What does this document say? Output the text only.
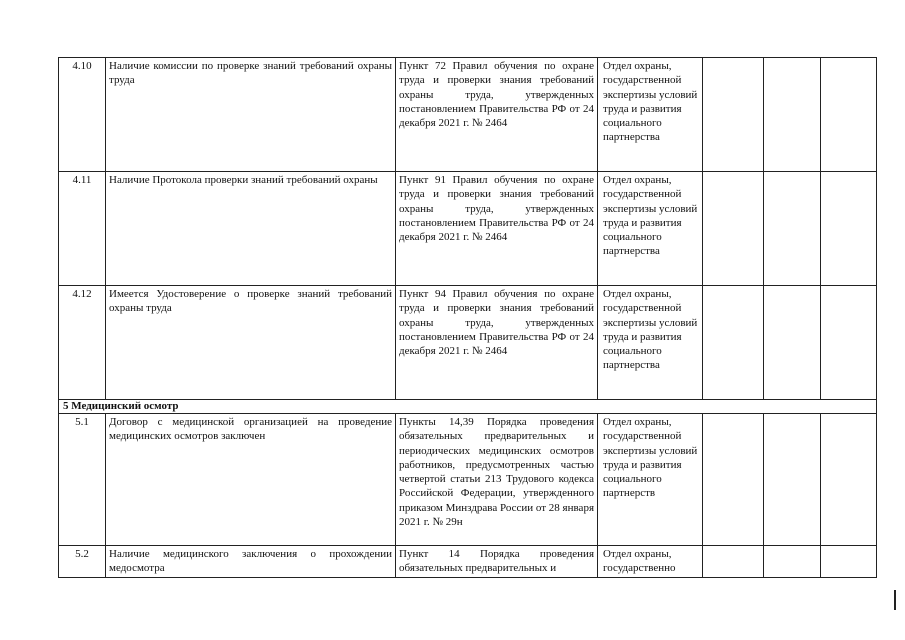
4.10	Наличие комиссии по проверке знаний требований охраны труда	Пункт 72 Правил обучения по охране труда и проверки знания требований охраны труда, утвержденных постановлением Правительства РФ от 24 декабря 2021 г. № 2464	Отдел охраны, государственной экспертизы условий труда и развития социального партнерства			
4.11	Наличие Протокола проверки знаний требований охраны	Пункт 91 Правил обучения по охране труда и проверки знания требований охраны труда, утвержденных постановлением Правительства РФ от 24 декабря 2021 г. № 2464	Отдел охраны, государственной экспертизы условий труда и развития социального партнерства			
4.12	Имеется Удостоверение о проверке знаний требований охраны труда	Пункт 94 Правил обучения по охране труда и проверки знания требований охраны труда, утвержденных постановлением Правительства РФ от 24 декабря 2021 г. № 2464	Отдел охраны, государственной экспертизы условий труда и развития социального партнерства			
5 Медицинский осмотр						
5.1	Договор с медицинской организацией на проведение медицинских осмотров заключен	Пункты 14,39 Порядка проведения обязательных предварительных и периодических медицинских осмотров работников, предусмотренных частью четвертой статьи 213 Трудового кодекса Российской Федерации, утвержденного приказом Минздрава России от 28 января 2021 г. № 29н	Отдел охраны, государственной экспертизы условий труда и развития социального партнерств			
5.2	Наличие медицинского заключения о прохождении медосмотра	Пункт 14 Порядка проведения обязательных предварительных и	Отдел охраны, государственно			
